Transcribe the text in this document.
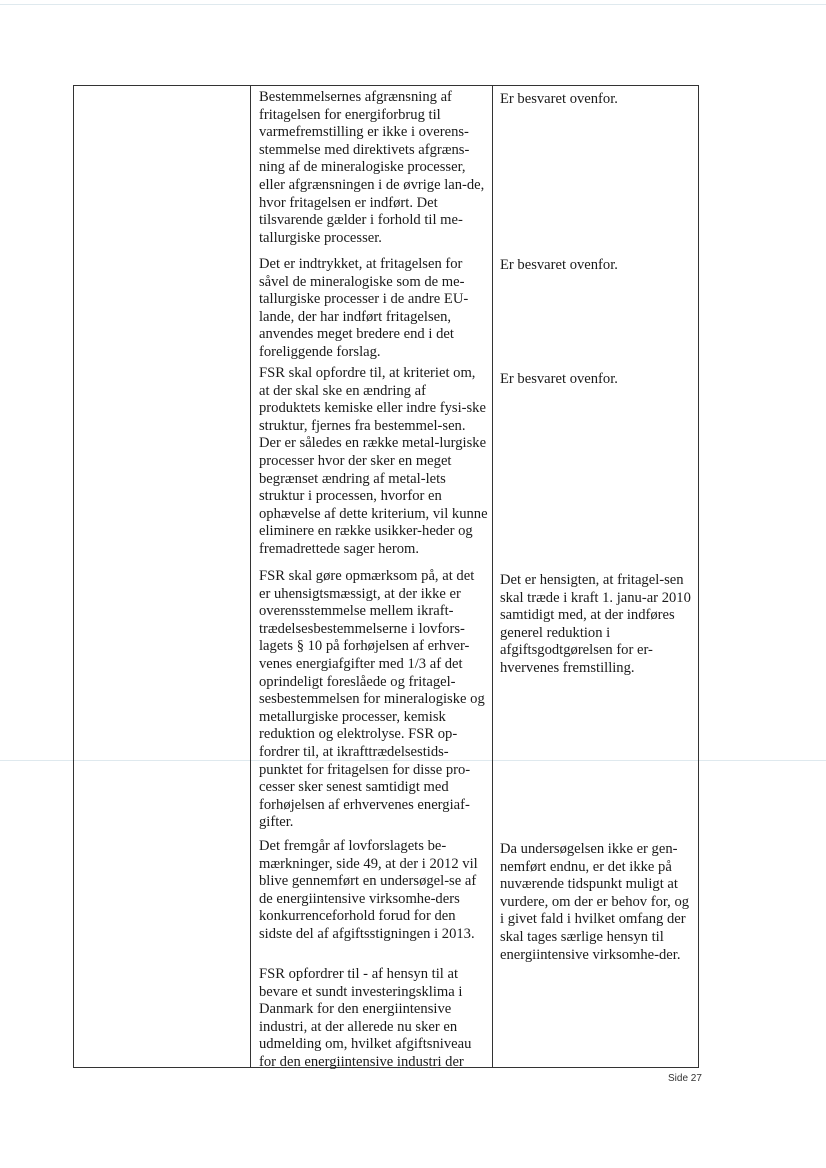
Bestemmelsernes afgrænsning af fritagelsen for energiforbrug til varmefremstilling er ikke i overens-stemmelse med direktivets afgræns-ning af de mineralogiske processer, eller afgrænsningen i de øvrige lan-de, hvor fritagelsen er indført. Det tilsvarende gælder i forhold til me-tallurgiske processer.

Er besvaret ovenfor.

Det er indtrykket, at fritagelsen for såvel de mineralogiske som de me-tallurgiske processer i de andre EU-lande, der har indført fritagelsen, anvendes meget bredere end i det foreliggende forslag.

Er besvaret ovenfor.

FSR skal opfordre til, at kriteriet om, at der skal ske en ændring af produktets kemiske eller indre fysi-ske struktur, fjernes fra bestemmel-sen. Der er således en række metal-lurgiske processer hvor der sker en meget begrænset ændring af metal-lets struktur i processen, hvorfor en ophævelse af dette kriterium, vil kunne eliminere en række usikker-heder og fremadrettede sager herom.

Er besvaret ovenfor.

FSR skal gøre opmærksom på, at det er uhensigtsmæssigt, at der ikke er overensstemmelse mellem ikraft-trædelsesbestemmelserne i lovfors-lagets § 10 på forhøjelsen af erhver-venes energiafgifter med 1/3 af det oprindeligt foreslåede og fritagel-sesbestemmelsen for mineralogiske og metallurgiske processer, kemisk reduktion og elektrolyse. FSR op-fordrer til, at ikrafttrædelsestids-punktet for fritagelsen for disse pro-cesser sker senest samtidigt med forhøjelsen af erhvervenes energiaf-gifter.

Det er hensigten, at fritagel-sen skal træde i kraft 1. janu-ar 2010 samtidigt med, at der indføres generel reduktion i afgiftsgodtgørelsen for er-hvervenes fremstilling.

Det fremgår af lovforslagets be-mærkninger, side 49, at der i 2012 vil blive gennemført en undersøgel-se af de energiintensive virksomhe-ders konkurrenceforhold forud for den sidste del af afgiftsstigningen i 2013.

Da undersøgelsen ikke er gen-nemført endnu, er det ikke på nuværende tidspunkt muligt at vurdere, om der er behov for, og i givet fald i hvilket omfang der skal tages særlige hensyn til energiintensive virksomhe-der.

FSR opfordrer til - af hensyn til at bevare et sundt investeringsklima i Danmark for den energiintensive industri, at der allerede nu sker en udmelding om, hvilket afgiftsniveau for den energiintensive industri der

Side 27
